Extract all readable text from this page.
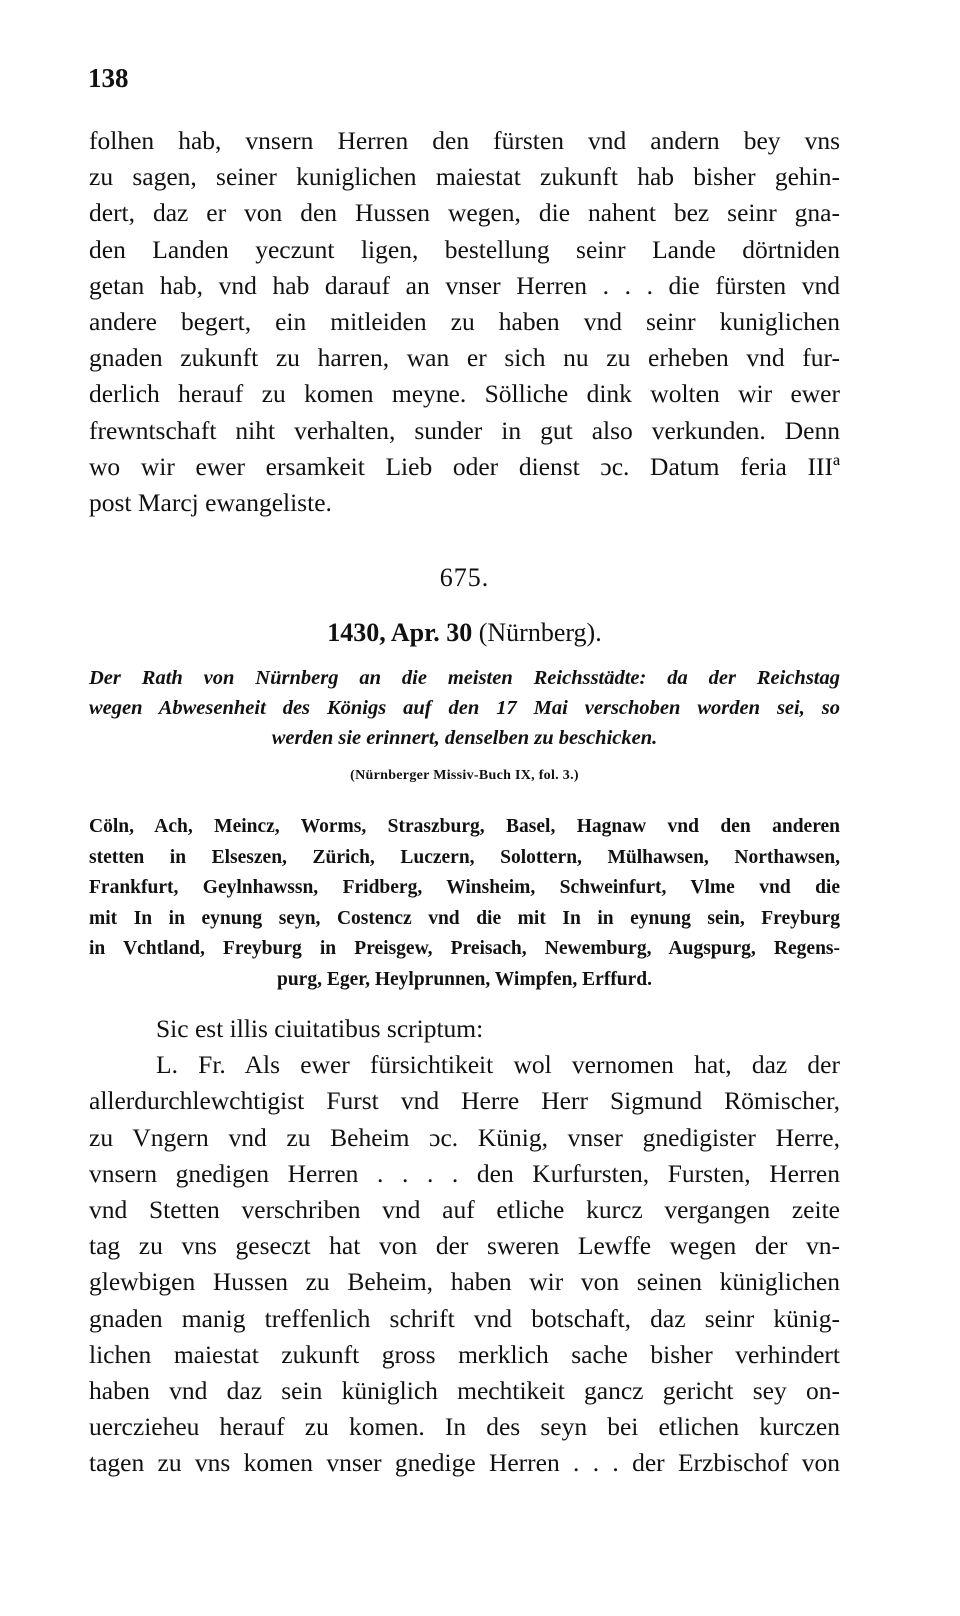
138
folhen hab, vnsern Herren den fürsten vnd andern bey vns
zu sagen, seiner kuniglichen maiestat zukunft hab bisher gehin-
dert, daz er von den Hussen wegen, die nahent bez seinr gna-
den Landen yeczunt ligen, bestellung seinr Lande dörtniden
getan hab, vnd hab darauf an vnser Herren . . . die fürsten vnd
andere begert, ein mitleiden zu haben vnd seinr kuniglichen
gnaden zukunft zu harren, wan er sich nu zu erheben vnd fur-
derlich herauf zu komen meyne. Sölliche dink wolten wir ewer
frewntschaft niht verhalten, sunder in gut also verkunden. Denn
wo wir ewer ersamkeit Lieb oder dienst ɔc. Datum feria IIIª
post Marcj ewangeliste.
675.
1430, Apr. 30 (Nürnberg).
Der Rath von Nürnberg an die meisten Reichsstädte: da der Reichstag
wegen Abwesenheit des Königs auf den 17 Mai verschoben worden sei, so
werden sie erinnert, denselben zu beschicken.
(Nürnberger Missiv-Buch IX, fol. 3.)
Cöln, Ach, Meincz, Worms, Straszburg, Basel, Hagnaw vnd den anderen
stetten in Elseszen, Zürich, Luczern, Solottern, Mülhawsen, Northawsen,
Frankfurt, Geylnhawssn, Fridberg, Winsheim, Schweinfurt, Vlme vnd die
mit In in eynung seyn, Costencz vnd die mit In in eynung sein, Freyburg
in Vchtland, Freyburg in Preisgew, Preisach, Newemburg, Augspurg, Regens-
purg, Eger, Heylprunnen, Wimpfen, Erffurd.
Sic est illis ciuitatibus scriptum:
L. Fr. Als ewer fürsichtikeit wol vernomen hat, daz der
allerdurchlewchtigist Furst vnd Herre Herr Sigmund Römischer,
zu Vngern vnd zu Beheim ɔc. Künig, vnser gnedigister Herre,
vnsern gnedigen Herren . . . . den Kurfursten, Fursten, Herren
vnd Stetten verschriben vnd auf etliche kurcz vergangen zeite
tag zu vns geseczt hat von der sweren Lewffe wegen der vn-
glewbigen Hussen zu Beheim, haben wir von seinen küniglichen
gnaden manig treffenlich schrift vnd botschaft, daz seinr künig-
lichen maiestat zukunft gross merklich sache bisher verhindert
haben vnd daz sein küniglich mechtikeit gancz gericht sey on-
uerczieheu herauf zu komen. In des seyn bei etlichen kurczen
tagen zu vns komen vnser gnedige Herren . . . der Erzbischof von
